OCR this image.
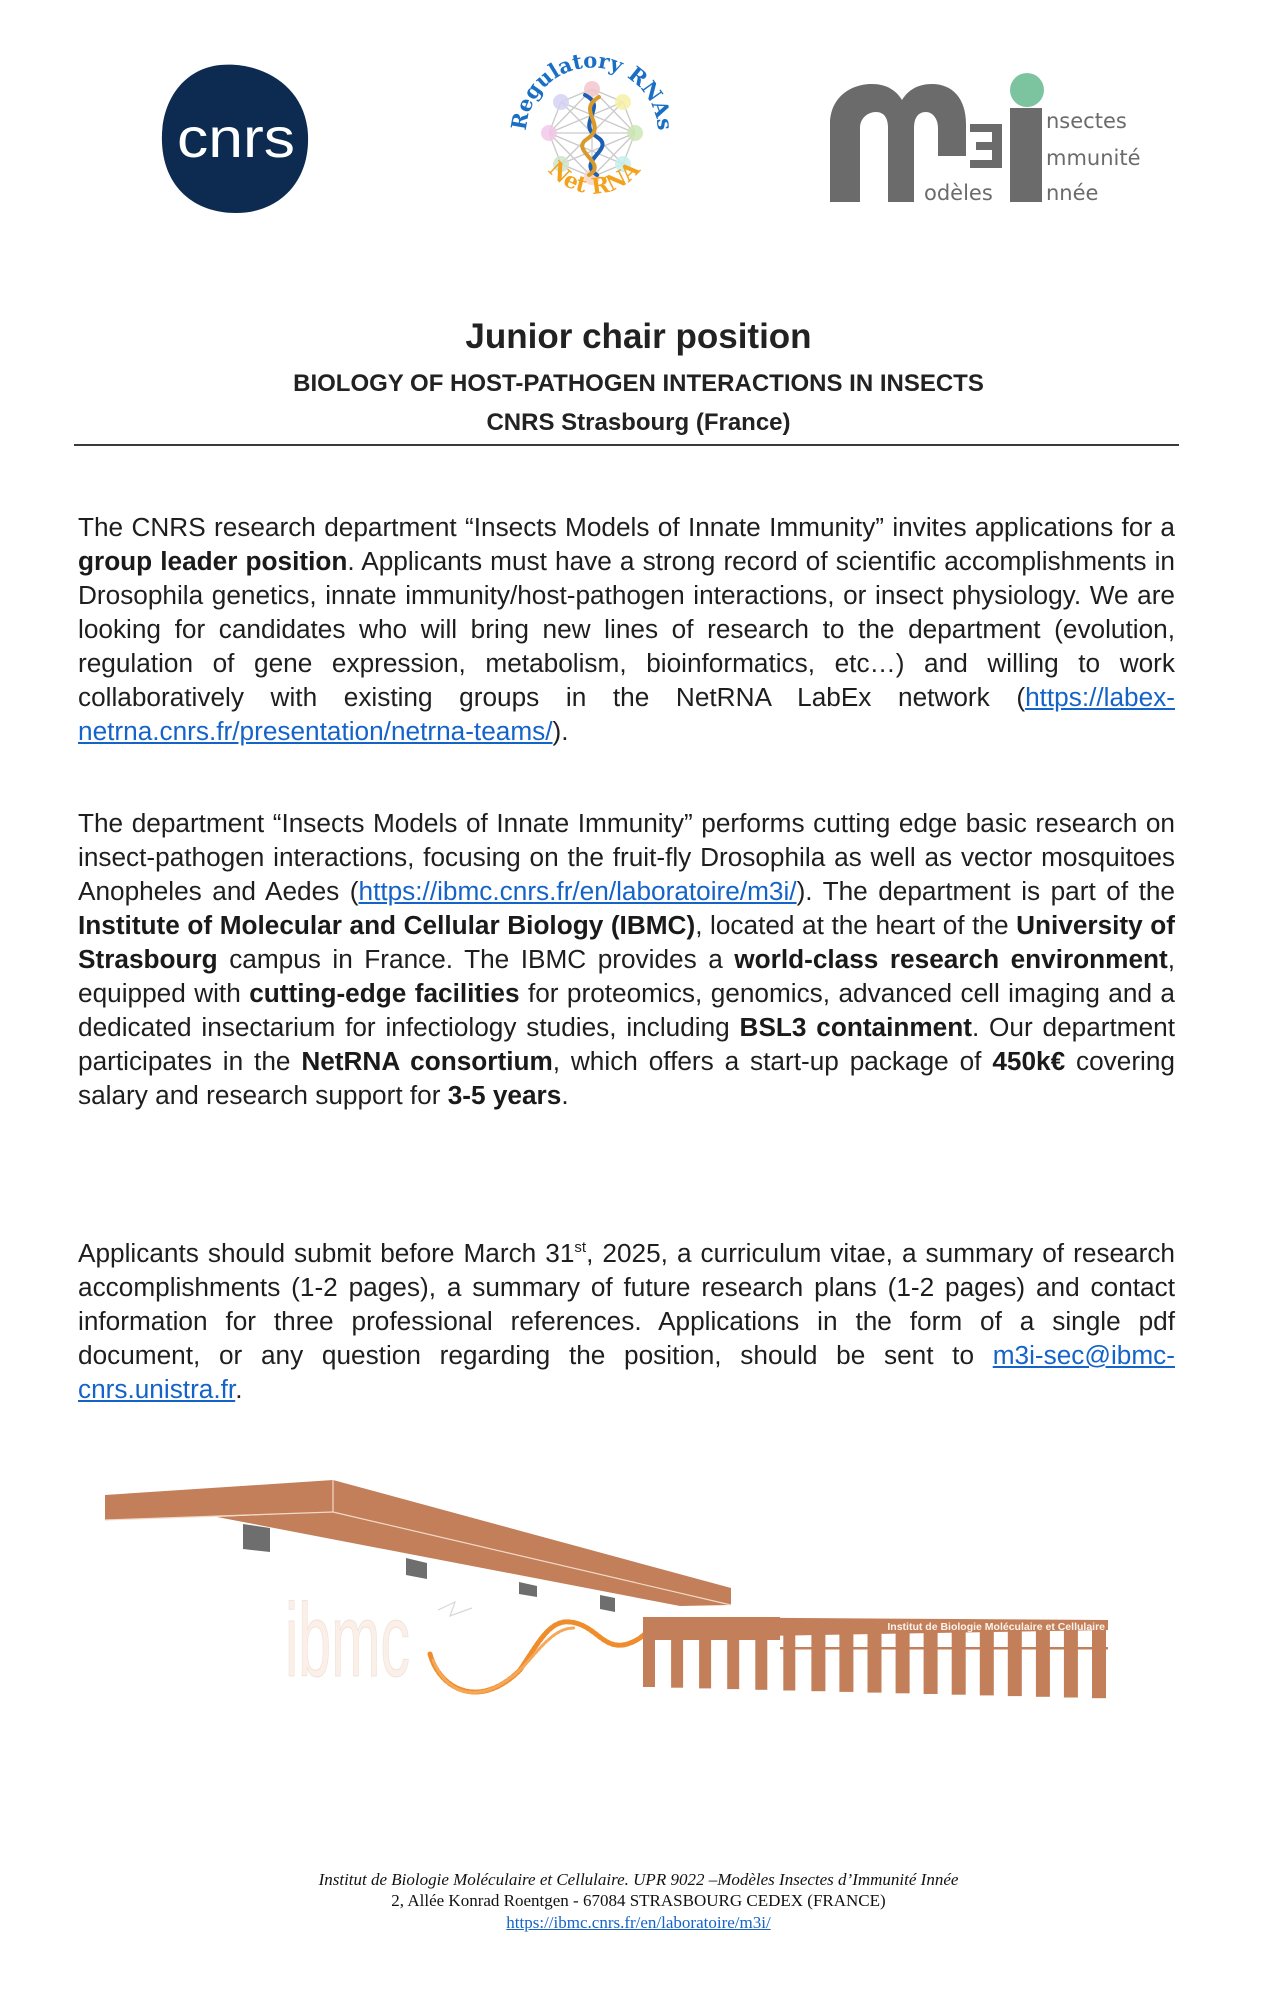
cnrs	Regulatory RNAs
Net RNA
nsectes
mmunité
odèles	nnée
Junior chair position
BIOLOGY OF HOST-PATHOGEN INTERACTIONS IN INSECTS
CNRS Strasbourg (France)

The CNRS research department “Insects Models of Innate Immunity” invites applications for a group leader position. Applicants must have a strong record of scientific accomplishments in Drosophila genetics, innate immunity/host-pathogen interactions, or insect physiology. We are looking for candidates who will bring new lines of research to the department (evolution, regulation of gene expression, metabolism, bioinformatics, etc…) and willing to work collaboratively with existing groups in the NetRNA LabEx network (https://labex-netrna.cnrs.fr/presentation/netrna-teams/).

The department “Insects Models of Innate Immunity” performs cutting edge basic research on insect-pathogen interactions, focusing on the fruit-fly Drosophila as well as vector mosquitoes Anopheles and Aedes (https://ibmc.cnrs.fr/en/laboratoire/m3i/). The department is part of the Institute of Molecular and Cellular Biology (IBMC), located at the heart of the University of Strasbourg campus in France. The IBMC provides a world-class research environment, equipped with cutting-edge facilities for proteomics, genomics, advanced cell imaging and a dedicated insectarium for infectiology studies, including BSL3 containment. Our department participates in the NetRNA consortium, which offers a start-up package of 450k€ covering salary and research support for 3-5 years.

Applicants should submit before March 31st, 2025, a curriculum vitae, a summary of research accomplishments (1-2 pages), a summary of future research plans (1-2 pages) and contact information for three professional references. Applications in the form of a single pdf document, or any question regarding the position, should be sent to m3i-sec@ibmc-cnrs.unistra.fr.

ibmc	Institut de Biologie Moléculaire et Cellulaire
Institut de Biologie Moléculaire et Cellulaire. UPR 9022 –Modèles Insectes d’Immunité Innée
2, Allée Konrad Roentgen - 67084 STRASBOURG CEDEX (FRANCE)
https://ibmc.cnrs.fr/en/laboratoire/m3i/
